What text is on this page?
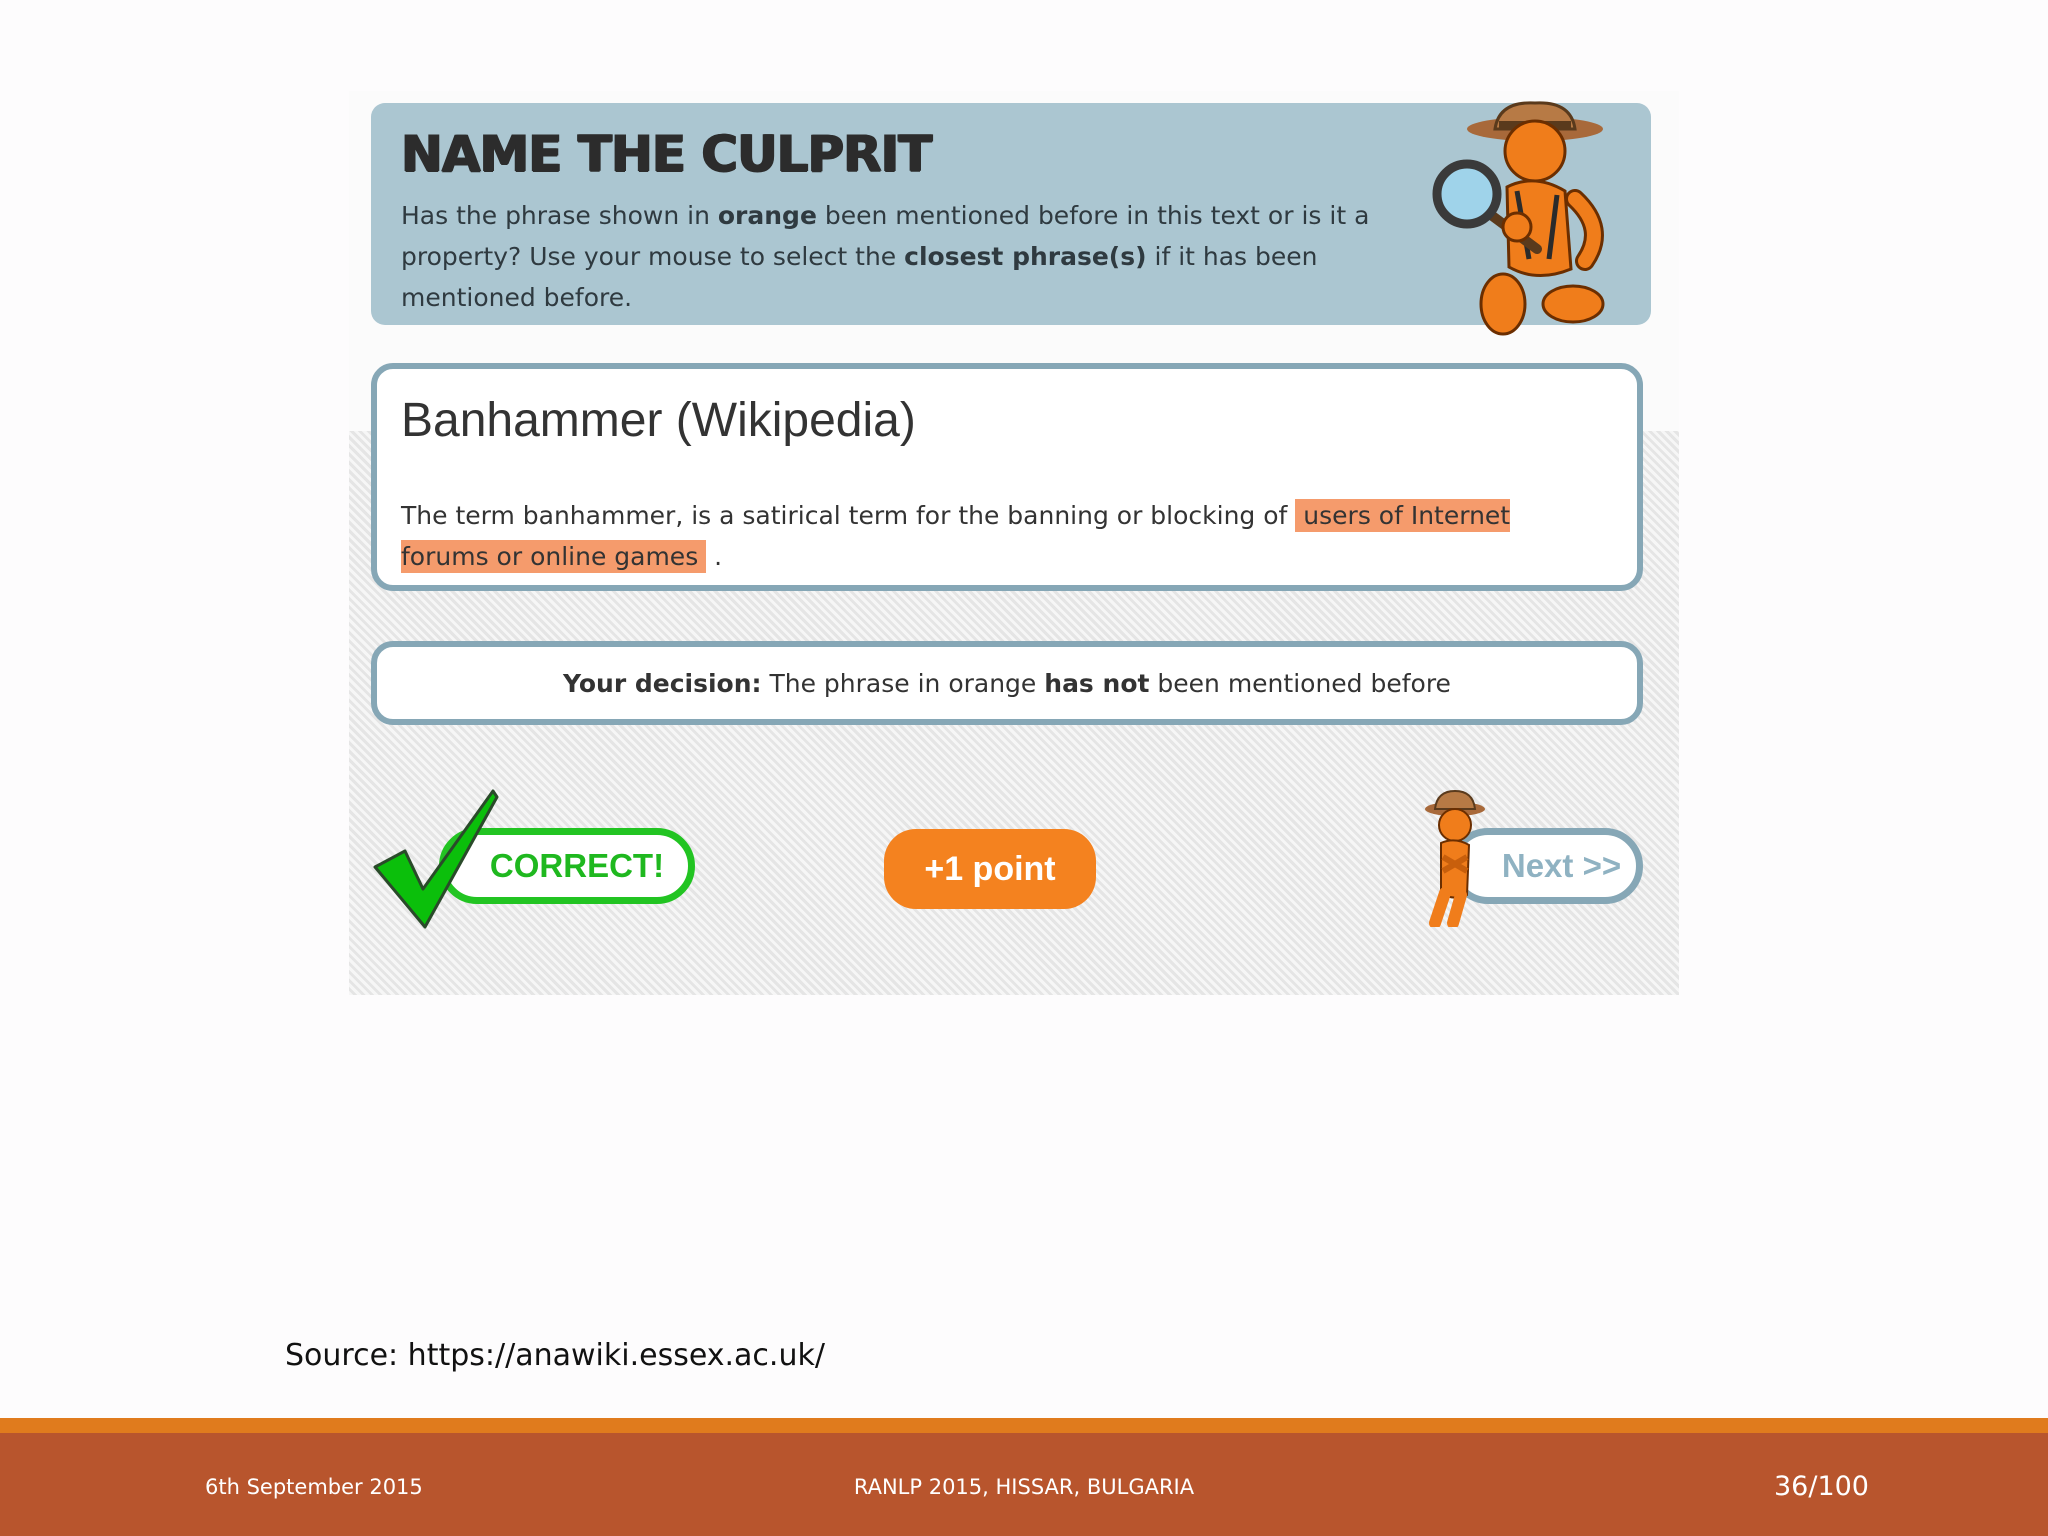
NAME THE CULPRIT
Has the phrase shown in orange been mentioned before in this text or is it a property? Use your mouse to select the closest phrase(s) if it has been mentioned before.
Banhammer (Wikipedia)
The term banhammer, is a satirical term for the banning or blocking of users of Internet forums or online games .
Your decision: The phrase in orange has not been mentioned before
CORRECT!	+1 point	Next >>
Source: https://anawiki.essex.ac.uk/
6th September 2015	RANLP 2015, HISSAR, BULGARIA	36/100
